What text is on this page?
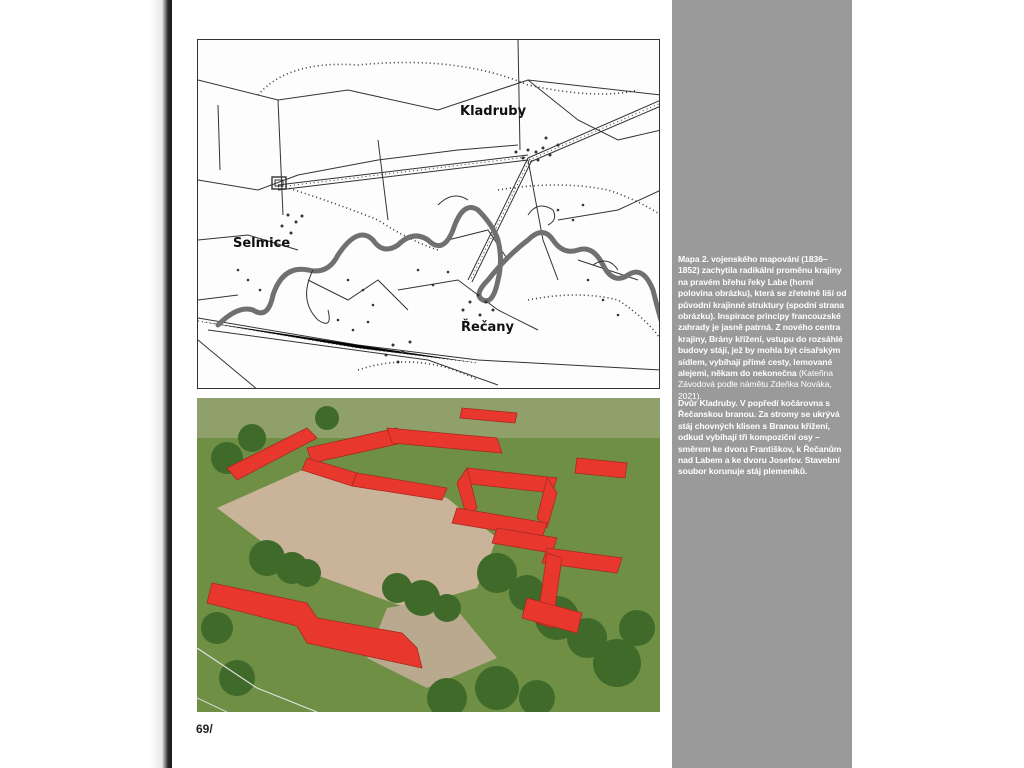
Kladruby
Selmice
Řečany
Mapa 2. vojenského mapování (1836–1852) zachytila radikální proměnu krajiny na pravém břehu řeky Labe (horní polovina obrázku), která se zřetelně liší od původní krajinné struktury (spodní strana obrázku). Inspirace principy francouzské zahrady je jasně patrná. Z nového centra krajiny, Brány křížení, vstupu do rozsáhlé budovy stájí, jež by mohla být císařským sídlem, vybíhají přímé cesty, lemované alejemi, někam do nekonečna (Kateřina Závodová podle námětu Zdeňka Nováka, 2021).
Dvůr Kladruby. V popředí kočárovna s Řečanskou branou. Za stromy se ukrývá stáj chovných klisen s Branou křížení, odkud vybíhají tři kompoziční osy – směrem ke dvoru Františkov, k Řečanům nad Labem a ke dvoru Josefov. Stavební soubor korunuje stáj plemeníků.
69/
